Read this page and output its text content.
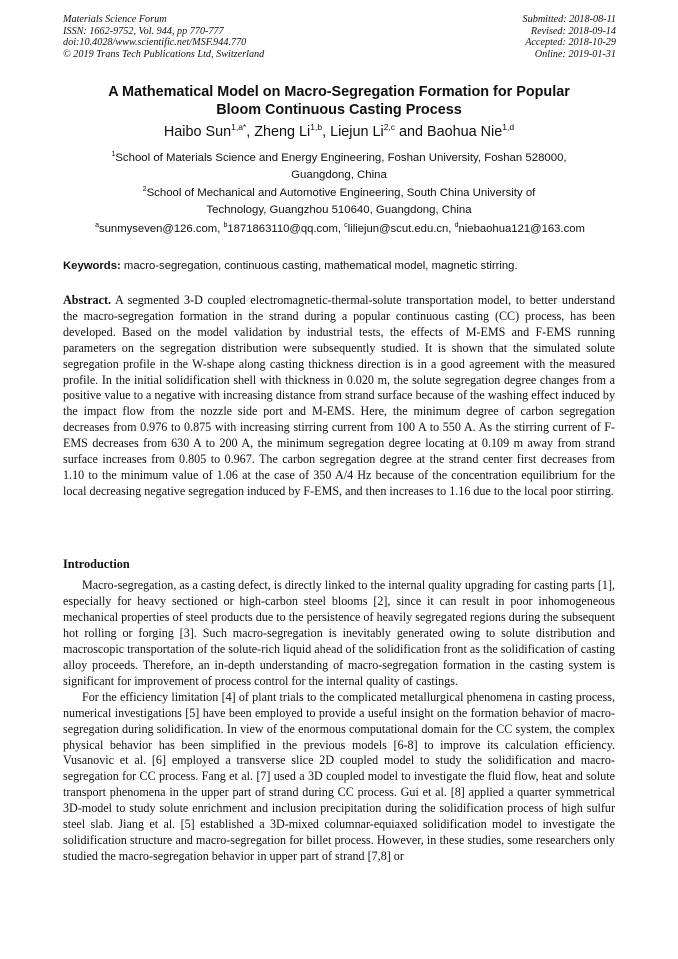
Materials Science Forum
ISSN: 1662-9752, Vol. 944, pp 770-777
doi:10.4028/www.scientific.net/MSF.944.770
© 2019 Trans Tech Publications Ltd, Switzerland
Submitted: 2018-08-11
Revised: 2018-09-14
Accepted: 2018-10-29
Online: 2019-01-31
A Mathematical Model on Macro-Segregation Formation for Popular
Bloom Continuous Casting Process
Haibo Sun$^{1,a*}$, Zheng Li$^{1,b}$, Liejun Li$^{2,c}$ and Baohua Nie$^{1,d}$
$^1$School of Materials Science and Energy Engineering, Foshan University, Foshan 528000,
Guangdong, China
$^2$School of Mechanical and Automotive Engineering, South China University of
Technology, Guangzhou 510640, Guangdong, China
$^a$sunmyseven@126.com, $^b$1871863110@qq.com, $^c$liliejun@scut.edu.cn, $^d$niebaohua121@163.com
Keywords: macro-segregation, continuous casting, mathematical model, magnetic stirring.
Abstract. A segmented 3-D coupled electromagnetic-thermal-solute transportation model, to better understand the macro-segregation formation in the strand during a popular continuous casting (CC) process, has been developed. Based on the model validation by industrial tests, the effects of M-EMS and F-EMS running parameters on the segregation distribution were subsequently studied. It is shown that the simulated solute segregation profile in the W-shape along casting thickness direction is in a good agreement with the measured profile. In the initial solidification shell with thickness in 0.020 m, the solute segregation degree changes from a positive value to a negative with increasing distance from strand surface because of the washing effect induced by the impact flow from the nozzle side port and M-EMS. Here, the minimum degree of carbon segregation decreases from 0.976 to 0.875 with increasing stirring current from 100 A to 550 A. As the stirring current of F-EMS decreases from 630 A to 200 A, the minimum segregation degree locating at 0.109 m away from strand surface increases from 0.805 to 0.967. The carbon segregation degree at the strand center first decreases from 1.10 to the minimum value of 1.06 at the case of 350 A/4 Hz because of the concentration equilibrium for the local decreasing negative segregation induced by F-EMS, and then increases to 1.16 due to the local poor stirring.
Introduction

Macro-segregation, as a casting defect, is directly linked to the internal quality upgrading for casting parts [1], especially for heavy sectioned or high-carbon steel blooms [2], since it can result in poor inhomogeneous mechanical properties of steel products due to the persistence of heavily segregated regions during the subsequent hot rolling or forging [3]. Such macro-segregation is inevitably generated owing to solute distribution and macroscopic transportation of the solute-rich liquid ahead of the solidification front as the solidification of casting alloy proceeds. Therefore, an in-depth understanding of macro-segregation formation in the casting system is significant for improvement of process control for the internal quality of castings.

For the efficiency limitation [4] of plant trials to the complicated metallurgical phenomena in casting process, numerical investigations [5] have been employed to provide a useful insight on the formation behavior of macro-segregation during solidification. In view of the enormous computational domain for the CC system, the complex physical behavior has been simplified in the previous models [6-8] to improve its calculation efficiency. Vusanovic et al. [6] employed a transverse slice 2D coupled model to study the solidification and macro-segregation for CC process. Fang et al. [7] used a 3D coupled model to investigate the fluid flow, heat and solute transport phenomena in the upper part of strand during CC process. Gui et al. [8] applied a quarter symmetrical 3D-model to study solute enrichment and inclusion precipitation during the solidification process of high sulfur steel slab. Jiang et al. [5] established a 3D-mixed columnar-equiaxed solidification model to investigate the solidification structure and macro-segregation for billet process. However, in these studies, some researchers only studied the macro-segregation behavior in upper part of strand [7,8] or
